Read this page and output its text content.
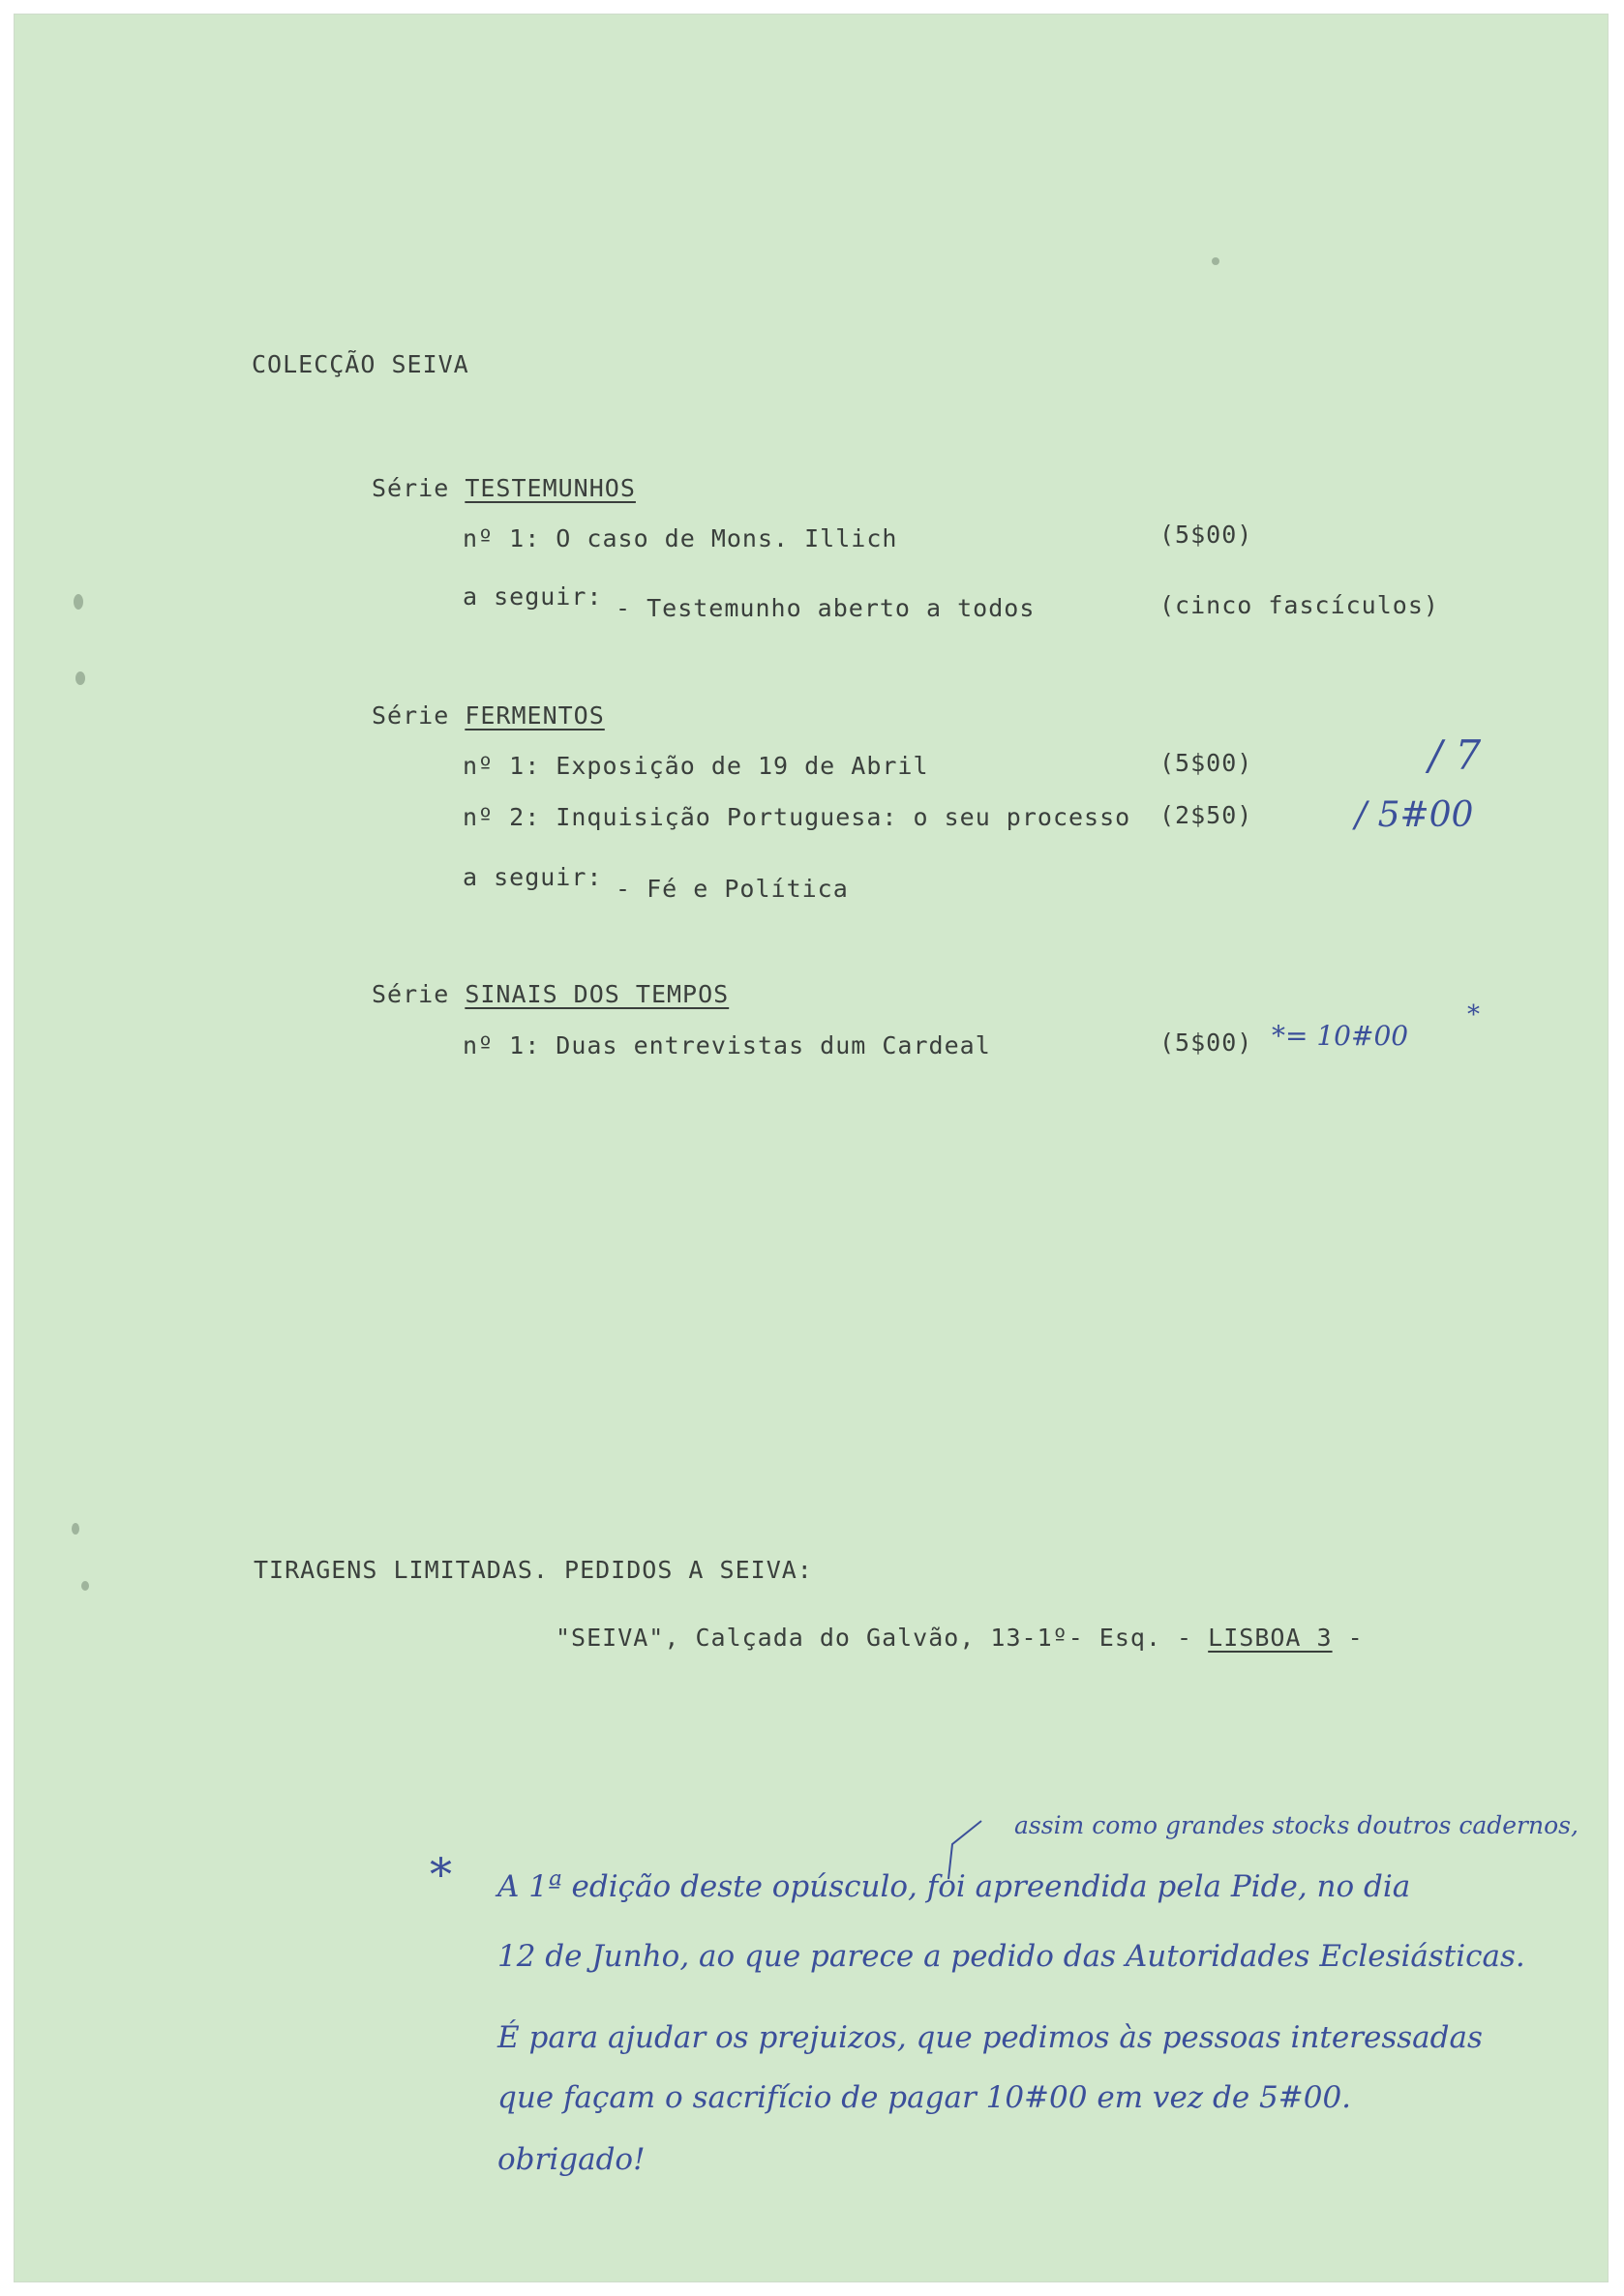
COLECÇÃO SEIVA
Série TESTEMUNHOS
nº 1: O caso de Mons. Illich	(5$00)
a seguir: - Testemunho aberto a todos	(cinco fascículos)
Série FERMENTOS
nº 1: Exposição de 19 de Abril	(5$00)	/ 7
nº 2: Inquisição Portuguesa: o seu processo (2$50)	/ 5#00
a seguir: - Fé e Política
Série SINAIS DOS TEMPOS
nº 1: Duas entrevistas dum Cardeal	(5$00) *= 10#00
*
TIRAGENS LIMITADAS. PEDIDOS A SEIVA:
"SEIVA", Calçada do Galvão, 13-1º- Esq. - LISBOA 3 -
*
assim como grandes stocks doutros cadernos,
A 1ª edição deste opúsculo, foi apreendida pela Pide, no dia
12 de Junho, ao que parece a pedido das Autoridades Eclesiásticas.
É para ajudar os prejuizos, que pedimos às pessoas interessadas
que façam o sacrifício de pagar 10#00 em vez de 5#00.
obrigado!
